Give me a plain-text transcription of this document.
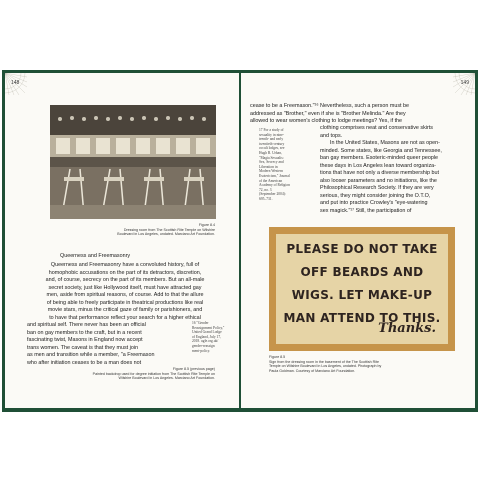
148
Figure 8.4
Dressing room from The Scottish Rite Temple on Wilshire
Boulevard in Los Angeles, undated. Marciano Art Foundation.
Queerness and Freemasonry
Queerness and Freemasonry have a convoluted history, full of
homophobic accusations on the part of its detractors, discretion,
and, of course, secrecy on the part of its members. But an all-male
secret society, just like Hollywood itself, must have attracted gay
men, aside from spiritual reasons, of course. Add to that the allure
of being able to freely participate in theatrical productions like real
movie stars, minus the critical gaze of family or parishioners, and
to have that performance reflect your search for a higher ethical
and spiritual self. There never has been an official
ban on gay members to the craft, but in a recent
fascinating twist, Masons in England now accept
trans women. The caveat is that they must join
as men and transition while a member, "a Freemason
who after initiation ceases to be a man does not
16 "Gender
Reassignment Policy,"
United Grand Lodge
of England, July 17,
2018. ugle.org.uk/
gender-reassign
ment-policy.
Figure 8.5 (previous page)
Painted backdrop used for degree initiation from The Scottish Rite Temple on
Wilshire Boulevard in Los Angeles. Marciano Art Foundation.
149
cease to be a Freemason."¹⁶ Nevertheless, such a person must be
addressed as "Brother," even if she is "Brother Melinda." Are they
allowed to wear women's clothing to lodge meetings? Yes, if the
clothing comprises neat and conservative skirts
and tops.
In the United States, Masons are not as open-
minded. Some states, like Georgia and Tennessee,
ban gay members. Esoteric-minded queer people
these days in Los Angeles lean toward organiza-
tions that have not only a diverse membership but
also looser parameters and no initiations, like the
Philosophical Research Society. If they are very
serious, they might consider joining the O.T.O,
and put into practice Crowley's "eye-watering
sex magick."¹⁷ Still, the participation of
17 For a study of
sexuality in nine-
teenth- and early
twentieth-century
occult lodges, see
Hugh B. Urban,
"Magia Sexualis:
Sex, Secrecy and
Liberation in
Modern Western
Esotericism," Journal
of the American
Academy of Religion
72, no. 3
(September 2004):
695–731.
PLEASE DO NOT TAKE
OFF BEARDS AND
WIGS. LET MAKE-UP
MAN ATTEND TO THIS.
Thanks.
Figure 8.5
Sign from the dressing room in the basement of the The Scottish Rite
Temple on Wilshire Boulevard in Los Angeles, undated. Photograph by
Paula Goldman. Courtesy of Marciano Art Foundation.
